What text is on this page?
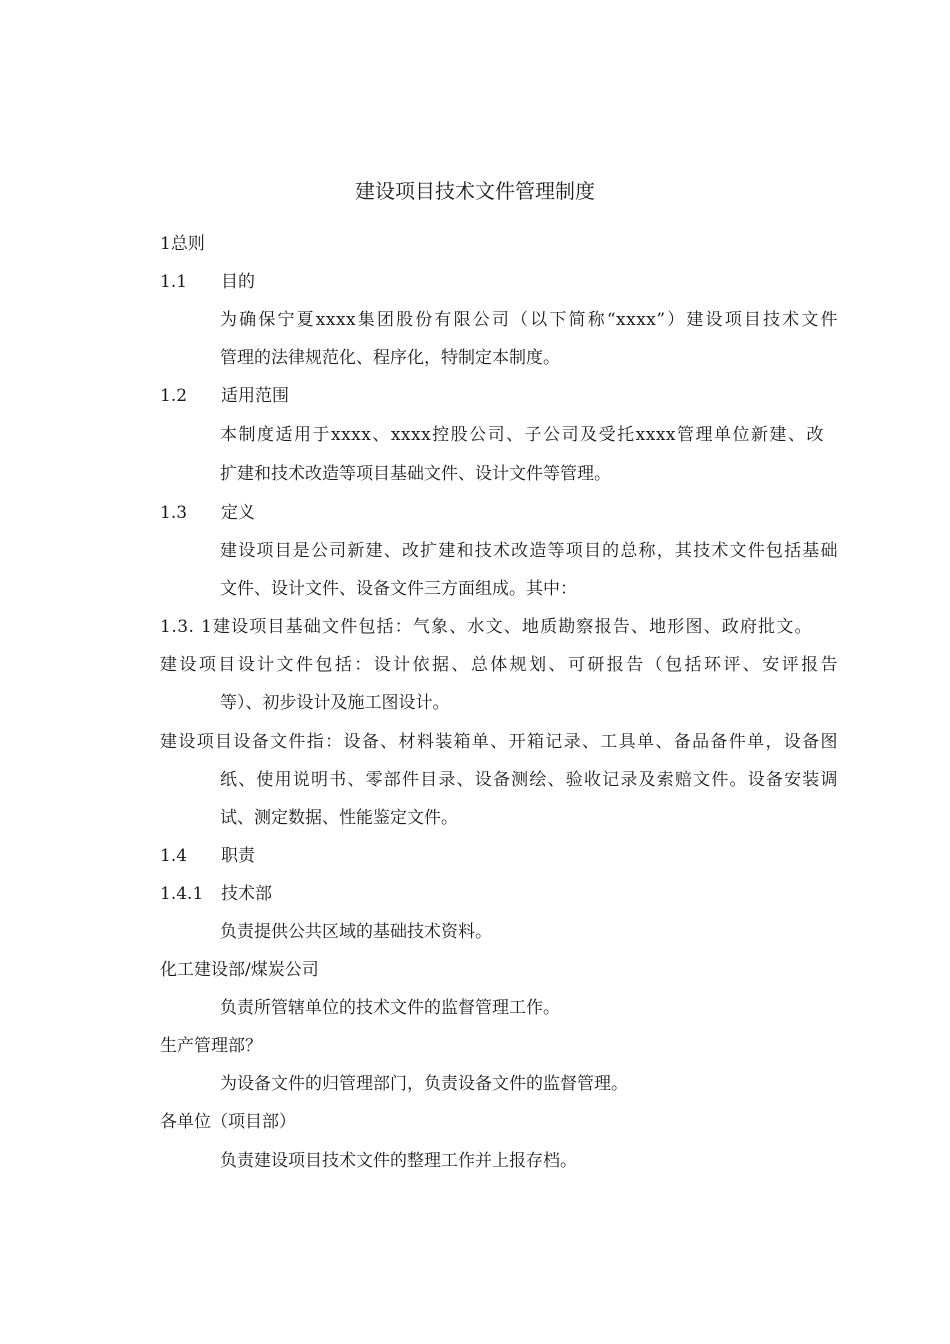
建设项目技术文件管理制度
1总则
1.1 目的
为确保宁夏xxxx集团股份有限公司（以下简称“xxxx”）建设项目技术文件
管理的法律规范化、程序化，特制定本制度。
1.2 适用范围
本制度适用于xxxx、xxxx控股公司、子公司及受托xxxx管理单位新建、改
扩建和技术改造等项目基础文件、设计文件等管理。
1.3 定义
建设项目是公司新建、改扩建和技术改造等项目的总称，其技术文件包括基础
文件、设计文件、设备文件三方面组成。其中：
1.3. 1建设项目基础文件包括：气象、水文、地质勘察报告、地形图、政府批文。
建设项目设计文件包括：设计依据、总体规划、可研报告（包括环评、安评报告
等）、初步设计及施工图设计。
建设项目设备文件指：设备、材料装箱单、开箱记录、工具单、备品备件单，设备图
纸、使用说明书、零部件目录、设备测绘、验收记录及索赔文件。设备安装调
试、测定数据、性能鉴定文件。
1.4 职责
1.4.1 技术部
负责提供公共区域的基础技术资料。
化工建设部/煤炭公司
负责所管辖单位的技术文件的监督管理工作。
生产管理部？
为设备文件的归管理部门，负责设备文件的监督管理。
各单位（项目部）
负责建设项目技术文件的整理工作并上报存档。
